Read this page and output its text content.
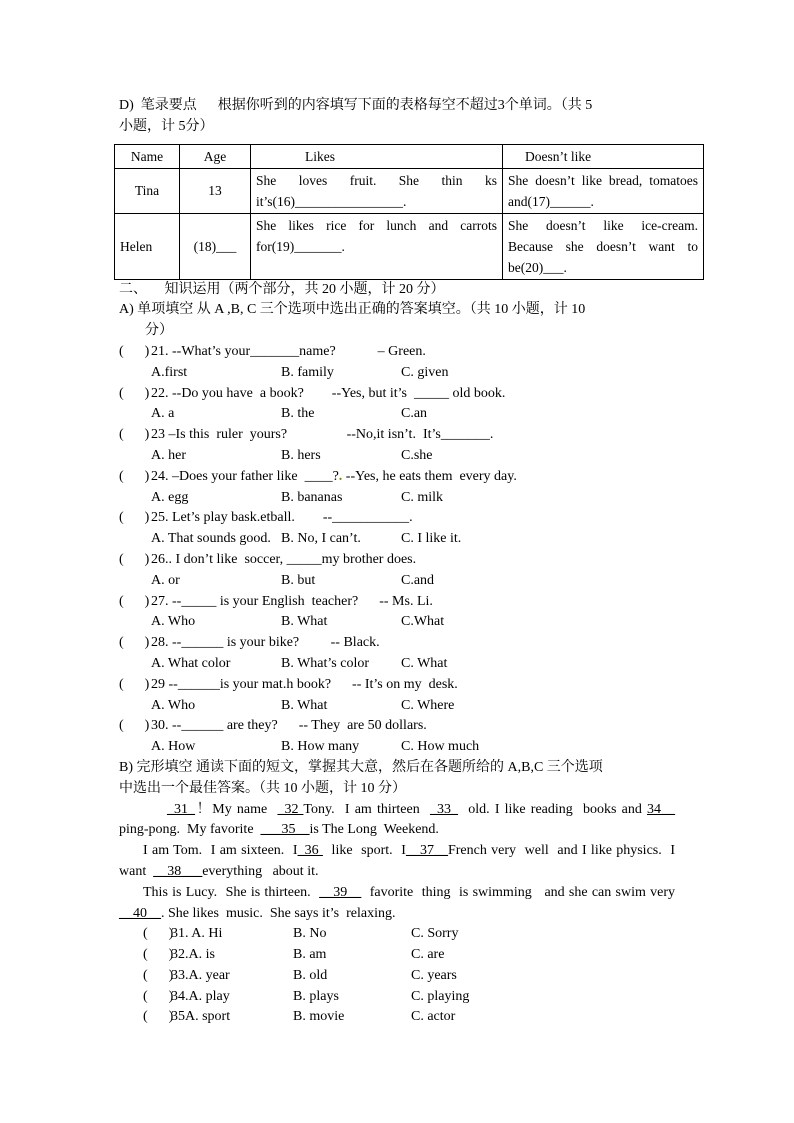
D)  笔录要点      根据你听到的内容填写下面的表格每空不超过3个单词。（共 5
小题，计 5分）
Name	Age	Likes	Doesn’t like
Tina	13	She loves fruit. She thin ks it’s(16)________________.	She doesn’t like bread, tomatoes and(17)______.
Helen	(18)___	She likes rice for lunch and carrots for(19)_______.	She doesn’t like ice-cream. Because she doesn’t want to be(20)___.
二、     知识运用（两个部分，共 20 小题，计 20 分）
A) 单项填空 从 A ,B, C 三个选项中选出正确的答案填空。（共 10 小题，计 10
分）
(      ) 21. --What’s your_______name?            – Green.
A.first	B. family	C. given
(      ) 22. --Do you have  a book?        --Yes, but it’s  _____ old book.
A. a	B. the	C.an
(      ) 23 –Is this  ruler  yours?                 --No,it isn’t.  It’s_______.
A. her	B. hers	C.she
(      ) 24. –Does your father like  ____? . --Yes, he eats them  every day.
A. egg	B. bananas	C. milk
(      ) 25. Let’s play bask.etball.        --___________.
A. That sounds good. B. No, I can’t.	C. I like it.
(      ) 26.. I don’t like  soccer, _____my brother does.
A. or	B. but	C.and
(      ) 27. --_____ is your English  teacher?      -- Ms. Li.
A. Who	B. What	C.What
(      ) 28. --______ is your bike?         -- Black.
A. What color	B. What’s color	C. What
(      ) 29 --______is your mat.h book?      -- It’s on my  desk.
A. Who	B. What	C. Where
(      ) 30. --______ are they?      -- They  are 50 dollars.
A. How	B. How many	C. How much
B) 完形填空 通读下面的短文，掌握其大意，然后在各题所给的 A,B,C 三个选项
中选出一个最佳答案。（共 10 小题，计 10 分）
_31_！My name  _32 Tony.  I am thirteen  _33_  old. I like reading  books and 34__  ping-pong.  My favorite  ___35__is The Long  Weekend.
I am Tom.  I am sixteen.  I_36   like  sport.  I__37__French very  well  and I like physics.  I want  __38___everything   about it.
This is Lucy.  She is thirteen.  __39__  favorite  thing  is swimming   and she can swim very __40__. She likes  music.  She says it’s  relaxing.
(      )
31. A. Hi	B. No	C. Sorry
(      )
32.A. is	B. am	C. are
(      )
33.A. year	B. old	C. years
(      )
34.A. play	B. plays	C. playing
(      )
35A. sport	B. movie	C. actor
